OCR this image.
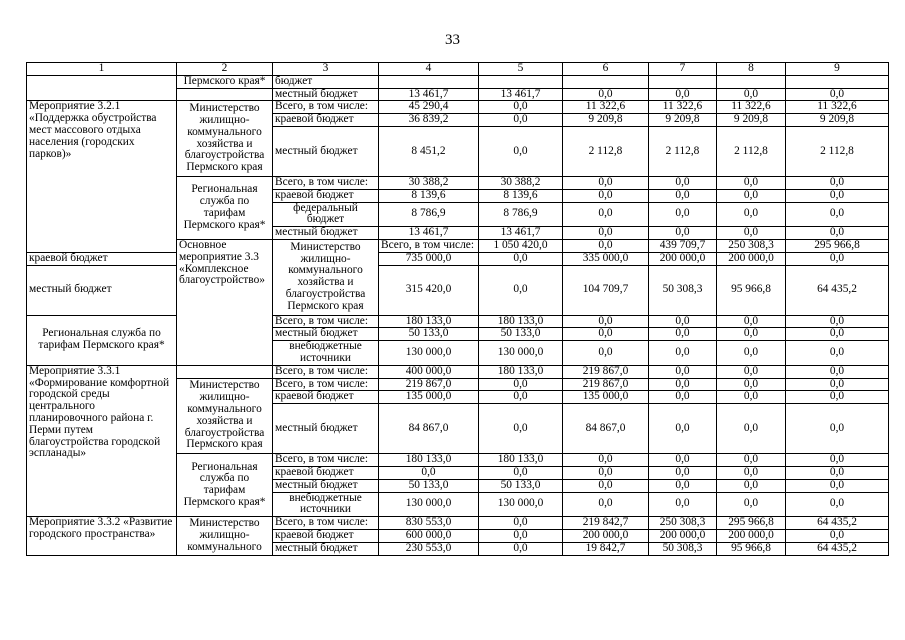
33
1	2	3	4	5	6	7	8	9	
	Пермского края*	бюджет							
		местный бюджет	13 461,7	13 461,7	0,0	0,0	0,0	0,0	
Мероприятие 3.2.1 «Поддержка обустройства мест массового отдыха населения (городских парков)»	Министерство жилищно-коммунального хозяйства и благоустройства Пермского края	Всего, в том числе:	45 290,4	0,0	11 322,6	11 322,6	11 322,6	11 322,6	
		краевой бюджет	36 839,2	0,0	9 209,8	9 209,8	9 209,8	9 209,8	
		местный бюджет	8 451,2	0,0	2 112,8	2 112,8	2 112,8	2 112,8	
	Региональная служба по тарифам Пермского края*	Всего, в том числе:	30 388,2	30 388,2	0,0	0,0	0,0	0,0	
		краевой бюджет	8 139,6	8 139,6	0,0	0,0	0,0	0,0	
		федеральный бюджет	8 786,9	8 786,9	0,0	0,0	0,0	0,0	
		местный бюджет	13 461,7	13 461,7	0,0	0,0	0,0	0,0	
	Основное мероприятие 3.3 «Комплексное благоустройство»	Министерство жилищно-коммунального хозяйства и благоустройства Пермского края	Всего, в том числе:	1 050 420,0	0,0	439 709,7	250 308,3	295 966,8	
краевой бюджет			735 000,0	0,0	335 000,0	200 000,0	200 000,0	0,0	
местный бюджет			315 420,0	0,0	104 709,7	50 308,3	95 966,8	64 435,2	
Региональная служба по тарифам Пермского края*		Всего, в том числе:	180 133,0	180 133,0	0,0	0,0	0,0	0,0	
		местный бюджет	50 133,0	50 133,0	0,0	0,0	0,0	0,0	
		внебюджетные источники	130 000,0	130 000,0	0,0	0,0	0,0	0,0	
Мероприятие 3.3.1 «Формирование комфортной городской среды центрального планировочного района г. Перми путем благоустройства городской эспланады»		Всего, в том числе:	400 000,0	180 133,0	219 867,0	0,0	0,0	0,0	
	Министерство жилищно-коммунального хозяйства и благоустройства Пермского края	Всего, в том числе:	219 867,0	0,0	219 867,0	0,0	0,0	0,0	
		краевой бюджет	135 000,0	0,0	135 000,0	0,0	0,0	0,0	
		местный бюджет	84 867,0	0,0	84 867,0	0,0	0,0	0,0	
	Региональная служба по тарифам Пермского края*	Всего, в том числе:	180 133,0	180 133,0	0,0	0,0	0,0	0,0	
		краевой бюджет	0,0	0,0	0,0	0,0	0,0	0,0	
		местный бюджет	50 133,0	50 133,0	0,0	0,0	0,0	0,0	
		внебюджетные источники	130 000,0	130 000,0	0,0	0,0	0,0	0,0	
Мероприятие 3.3.2 «Развитие городского пространства»	Министерство жилищно-коммунального	Всего, в том числе:	830 553,0	0,0	219 842,7	250 308,3	295 966,8	64 435,2	
		краевой бюджет	600 000,0	0,0	200 000,0	200 000,0	200 000,0	0,0	
		местный бюджет	230 553,0	0,0	19 842,7	50 308,3	95 966,8	64 435,2	
